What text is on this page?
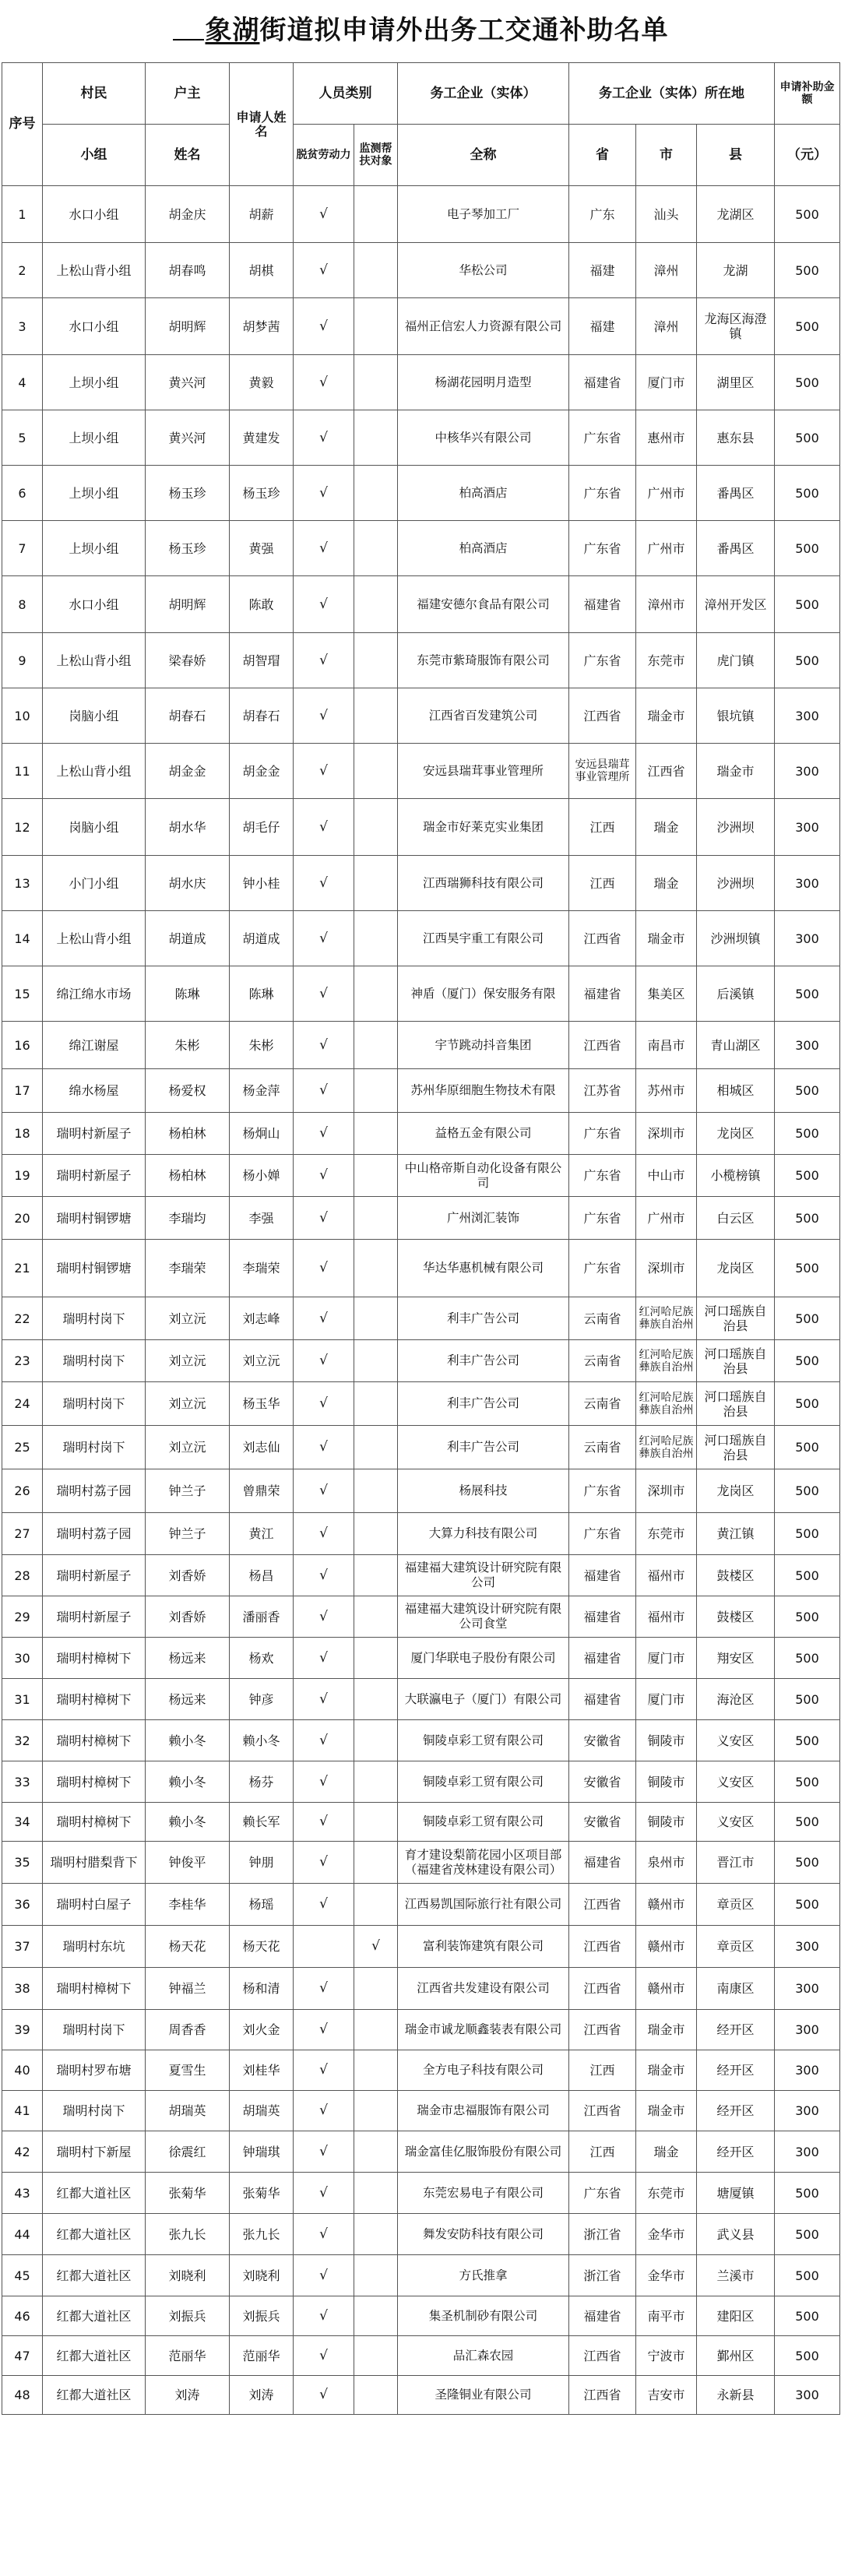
象湖街道拟申请外出务工交通补助名单
序号	村民	户主	申请人姓名	人员类别		务工企业（实体）	务工企业（实体）所在地			申请补助金额
	小组	姓名		脱贫劳动力	监测帮扶对象	全称	省	市	县	（元）
1	水口小组	胡金庆	胡薪	√		电子琴加工厂	广东	汕头	龙湖区	500
2	上松山背小组	胡春鸣	胡棋	√		华松公司	福建	漳州	龙湖	500
3	水口小组	胡明辉	胡梦茜	√		福州正信宏人力资源有限公司	福建	漳州	龙海区海澄镇	500
4	上坝小组	黄兴河	黄毅	√		杨湖花园明月造型	福建省	厦门市	湖里区	500
5	上坝小组	黄兴河	黄建发	√		中核华兴有限公司	广东省	惠州市	惠东县	500
6	上坝小组	杨玉珍	杨玉珍	√		柏高酒店	广东省	广州市	番禺区	500
7	上坝小组	杨玉珍	黄强	√		柏高酒店	广东省	广州市	番禺区	500
8	水口小组	胡明辉	陈敢	√		福建安德尔食品有限公司	福建省	漳州市	漳州开发区	500
9	上松山背小组	梁春娇	胡智瑁	√		东莞市紫琦服饰有限公司	广东省	东莞市	虎门镇	500
10	岗脑小组	胡春石	胡春石	√		江西省百发建筑公司	江西省	瑞金市	银坑镇	300
11	上松山背小组	胡金金	胡金金	√		安远县瑞茸事业管理所	安远县瑞茸事业管理所	江西省	瑞金市	300
12	岗脑小组	胡水华	胡毛仔	√		瑞金市好莱克实业集团	江西	瑞金	沙洲坝	300
13	小门小组	胡水庆	钟小桂	√		江西瑞狮科技有限公司	江西	瑞金	沙洲坝	300
14	上松山背小组	胡道成	胡道成	√		江西昊宇重工有限公司	江西省	瑞金市	沙洲坝镇	300
15	绵江绵水市场	陈琳	陈琳	√		神盾（厦门）保安服务有限	福建省	集美区	后溪镇	500
16	绵江谢屋	朱彬	朱彬	√		宇节跳动抖音集团	江西省	南昌市	青山湖区	300
17	绵水杨屋	杨爱权	杨金萍	√		苏州华原细胞生物技术有限	江苏省	苏州市	相城区	500
18	瑞明村新屋子	杨柏林	杨炯山	√		益格五金有限公司	广东省	深圳市	龙岗区	500
19	瑞明村新屋子	杨柏林	杨小婵	√		中山格帝斯自动化设备有限公司	广东省	中山市	小榄榜镇	500
20	瑞明村铜锣塘	李瑞均	李强	√		广州浏汇装饰	广东省	广州市	白云区	500
21	瑞明村铜锣塘	李瑞荣	李瑞荣	√		华达华惠机械有限公司	广东省	深圳市	龙岗区	500
22	瑞明村岗下	刘立沅	刘志峰	√		利丰广告公司	云南省	红河哈尼族彝族自治州	河口瑶族自治县	500
23	瑞明村岗下	刘立沅	刘立沅	√		利丰广告公司	云南省	红河哈尼族彝族自治州	河口瑶族自治县	500
24	瑞明村岗下	刘立沅	杨玉华	√		利丰广告公司	云南省	红河哈尼族彝族自治州	河口瑶族自治县	500
25	瑞明村岗下	刘立沅	刘志仙	√		利丰广告公司	云南省	红河哈尼族彝族自治州	河口瑶族自治县	500
26	瑞明村荔子园	钟兰子	曾鼎荣	√		杨展科技	广东省	深圳市	龙岗区	500
27	瑞明村荔子园	钟兰子	黄江	√		大算力科技有限公司	广东省	东莞市	黄江镇	500
28	瑞明村新屋子	刘香娇	杨昌	√		福建福大建筑设计研究院有限公司	福建省	福州市	鼓楼区	500
29	瑞明村新屋子	刘香娇	潘丽香	√		福建福大建筑设计研究院有限公司食堂	福建省	福州市	鼓楼区	500
30	瑞明村樟树下	杨远来	杨欢	√		厦门华联电子股份有限公司	福建省	厦门市	翔安区	500
31	瑞明村樟树下	杨远来	钟彦	√		大联瀛电子（厦门）有限公司	福建省	厦门市	海沧区	500
32	瑞明村樟树下	赖小冬	赖小冬	√		铜陵卓彩工贸有限公司	安徽省	铜陵市	义安区	500
33	瑞明村樟树下	赖小冬	杨芬	√		铜陵卓彩工贸有限公司	安徽省	铜陵市	义安区	500
34	瑞明村樟树下	赖小冬	赖长军	√		铜陵卓彩工贸有限公司	安徽省	铜陵市	义安区	500
35	瑞明村腊梨背下	钟俊平	钟朋	√		育才建设梨箭花园小区项目部（福建省茂林建设有限公司）	福建省	泉州市	晋江市	500
36	瑞明村白屋子	李桂华	杨瑶	√		江西易凯国际旅行社有限公司	江西省	赣州市	章贡区	500
37	瑞明村东坑	杨天花	杨天花		√	富利装饰建筑有限公司	江西省	赣州市	章贡区	300
38	瑞明村樟树下	钟福兰	杨和清	√		江西省共发建设有限公司	江西省	赣州市	南康区	300
39	瑞明村岗下	周香香	刘火金	√		瑞金市诚龙顺鑫装表有限公司	江西省	瑞金市	经开区	300
40	瑞明村罗布塘	夏雪生	刘桂华	√		全方电子科技有限公司	江西	瑞金市	经开区	300
41	瑞明村岗下	胡瑞英	胡瑞英	√		瑞金市忠福服饰有限公司	江西省	瑞金市	经开区	300
42	瑞明村下新屋	徐震红	钟瑞琪	√		瑞金富佳亿服饰股份有限公司	江西	瑞金	经开区	300
43	红都大道社区	张菊华	张菊华	√		东莞宏易电子有限公司	广东省	东莞市	塘厦镇	500
44	红都大道社区	张九长	张九长	√		舞发安防科技有限公司	浙江省	金华市	武义县	500
45	红都大道社区	刘晓利	刘晓利	√		方氏推拿	浙江省	金华市	兰溪市	500
46	红都大道社区	刘振兵	刘振兵	√		集圣机制砂有限公司	福建省	南平市	建阳区	500
47	红都大道社区	范丽华	范丽华	√		品汇森农园	江西省	宁波市	鄞州区	500
48	红都大道社区	刘涛	刘涛	√		圣隆铜业有限公司	江西省	吉安市	永新县	300
